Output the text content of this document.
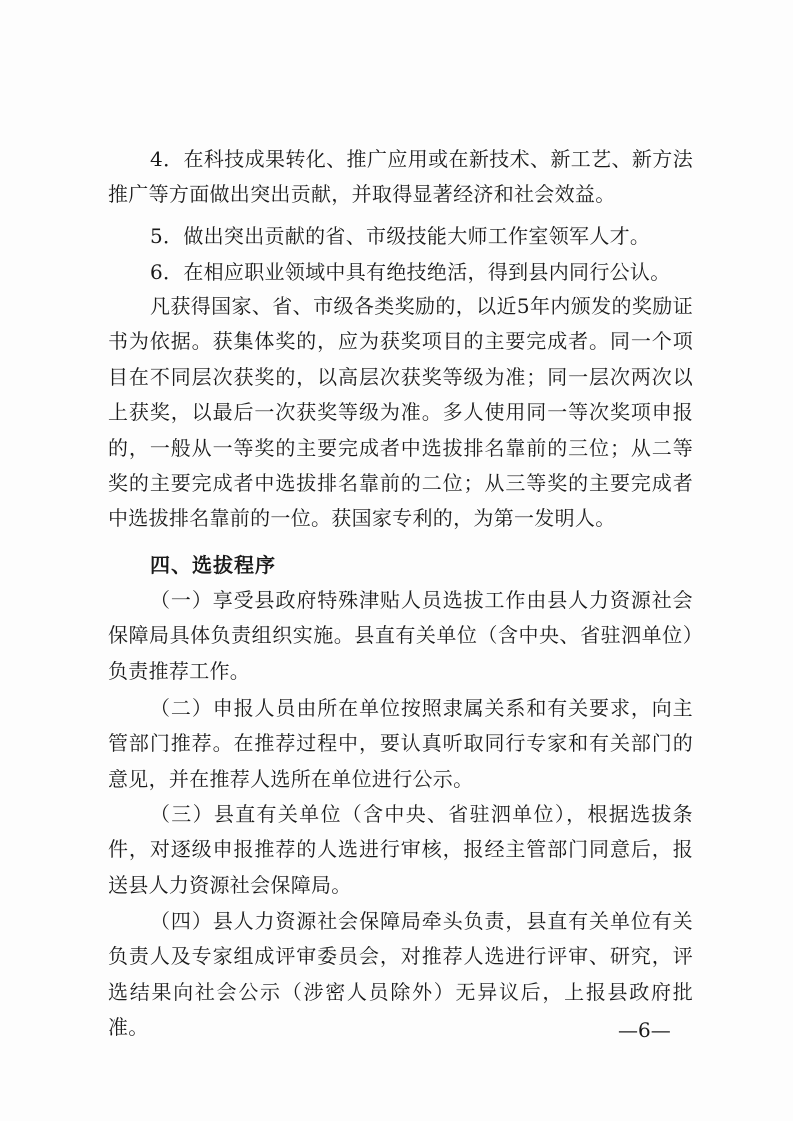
4．在科技成果转化、推广应用或在新技术、新工艺、新方法推广等方面做出突出贡献，并取得显著经济和社会效益。

5．做出突出贡献的省、市级技能大师工作室领军人才。

6．在相应职业领域中具有绝技绝活，得到县内同行公认。

凡获得国家、省、市级各类奖励的，以近5年内颁发的奖励证书为依据。获集体奖的，应为获奖项目的主要完成者。同一个项目在不同层次获奖的，以高层次获奖等级为准；同一层次两次以上获奖，以最后一次获奖等级为准。多人使用同一等次奖项申报的，一般从一等奖的主要完成者中选拔排名靠前的三位；从二等奖的主要完成者中选拔排名靠前的二位；从三等奖的主要完成者中选拔排名靠前的一位。获国家专利的，为第一发明人。

四、选拔程序

（一）享受县政府特殊津贴人员选拔工作由县人力资源社会保障局具体负责组织实施。县直有关单位（含中央、省驻泗单位）负责推荐工作。

（二）申报人员由所在单位按照隶属关系和有关要求，向主管部门推荐。在推荐过程中，要认真听取同行专家和有关部门的意见，并在推荐人选所在单位进行公示。

（三）县直有关单位（含中央、省驻泗单位），根据选拔条件，对逐级申报推荐的人选进行审核，报经主管部门同意后，报送县人力资源社会保障局。

（四）县人力资源社会保障局牵头负责，县直有关单位有关负责人及专家组成评审委员会，对推荐人选进行评审、研究，评选结果向社会公示（涉密人员除外）无异议后，上报县政府批准。	—6—
